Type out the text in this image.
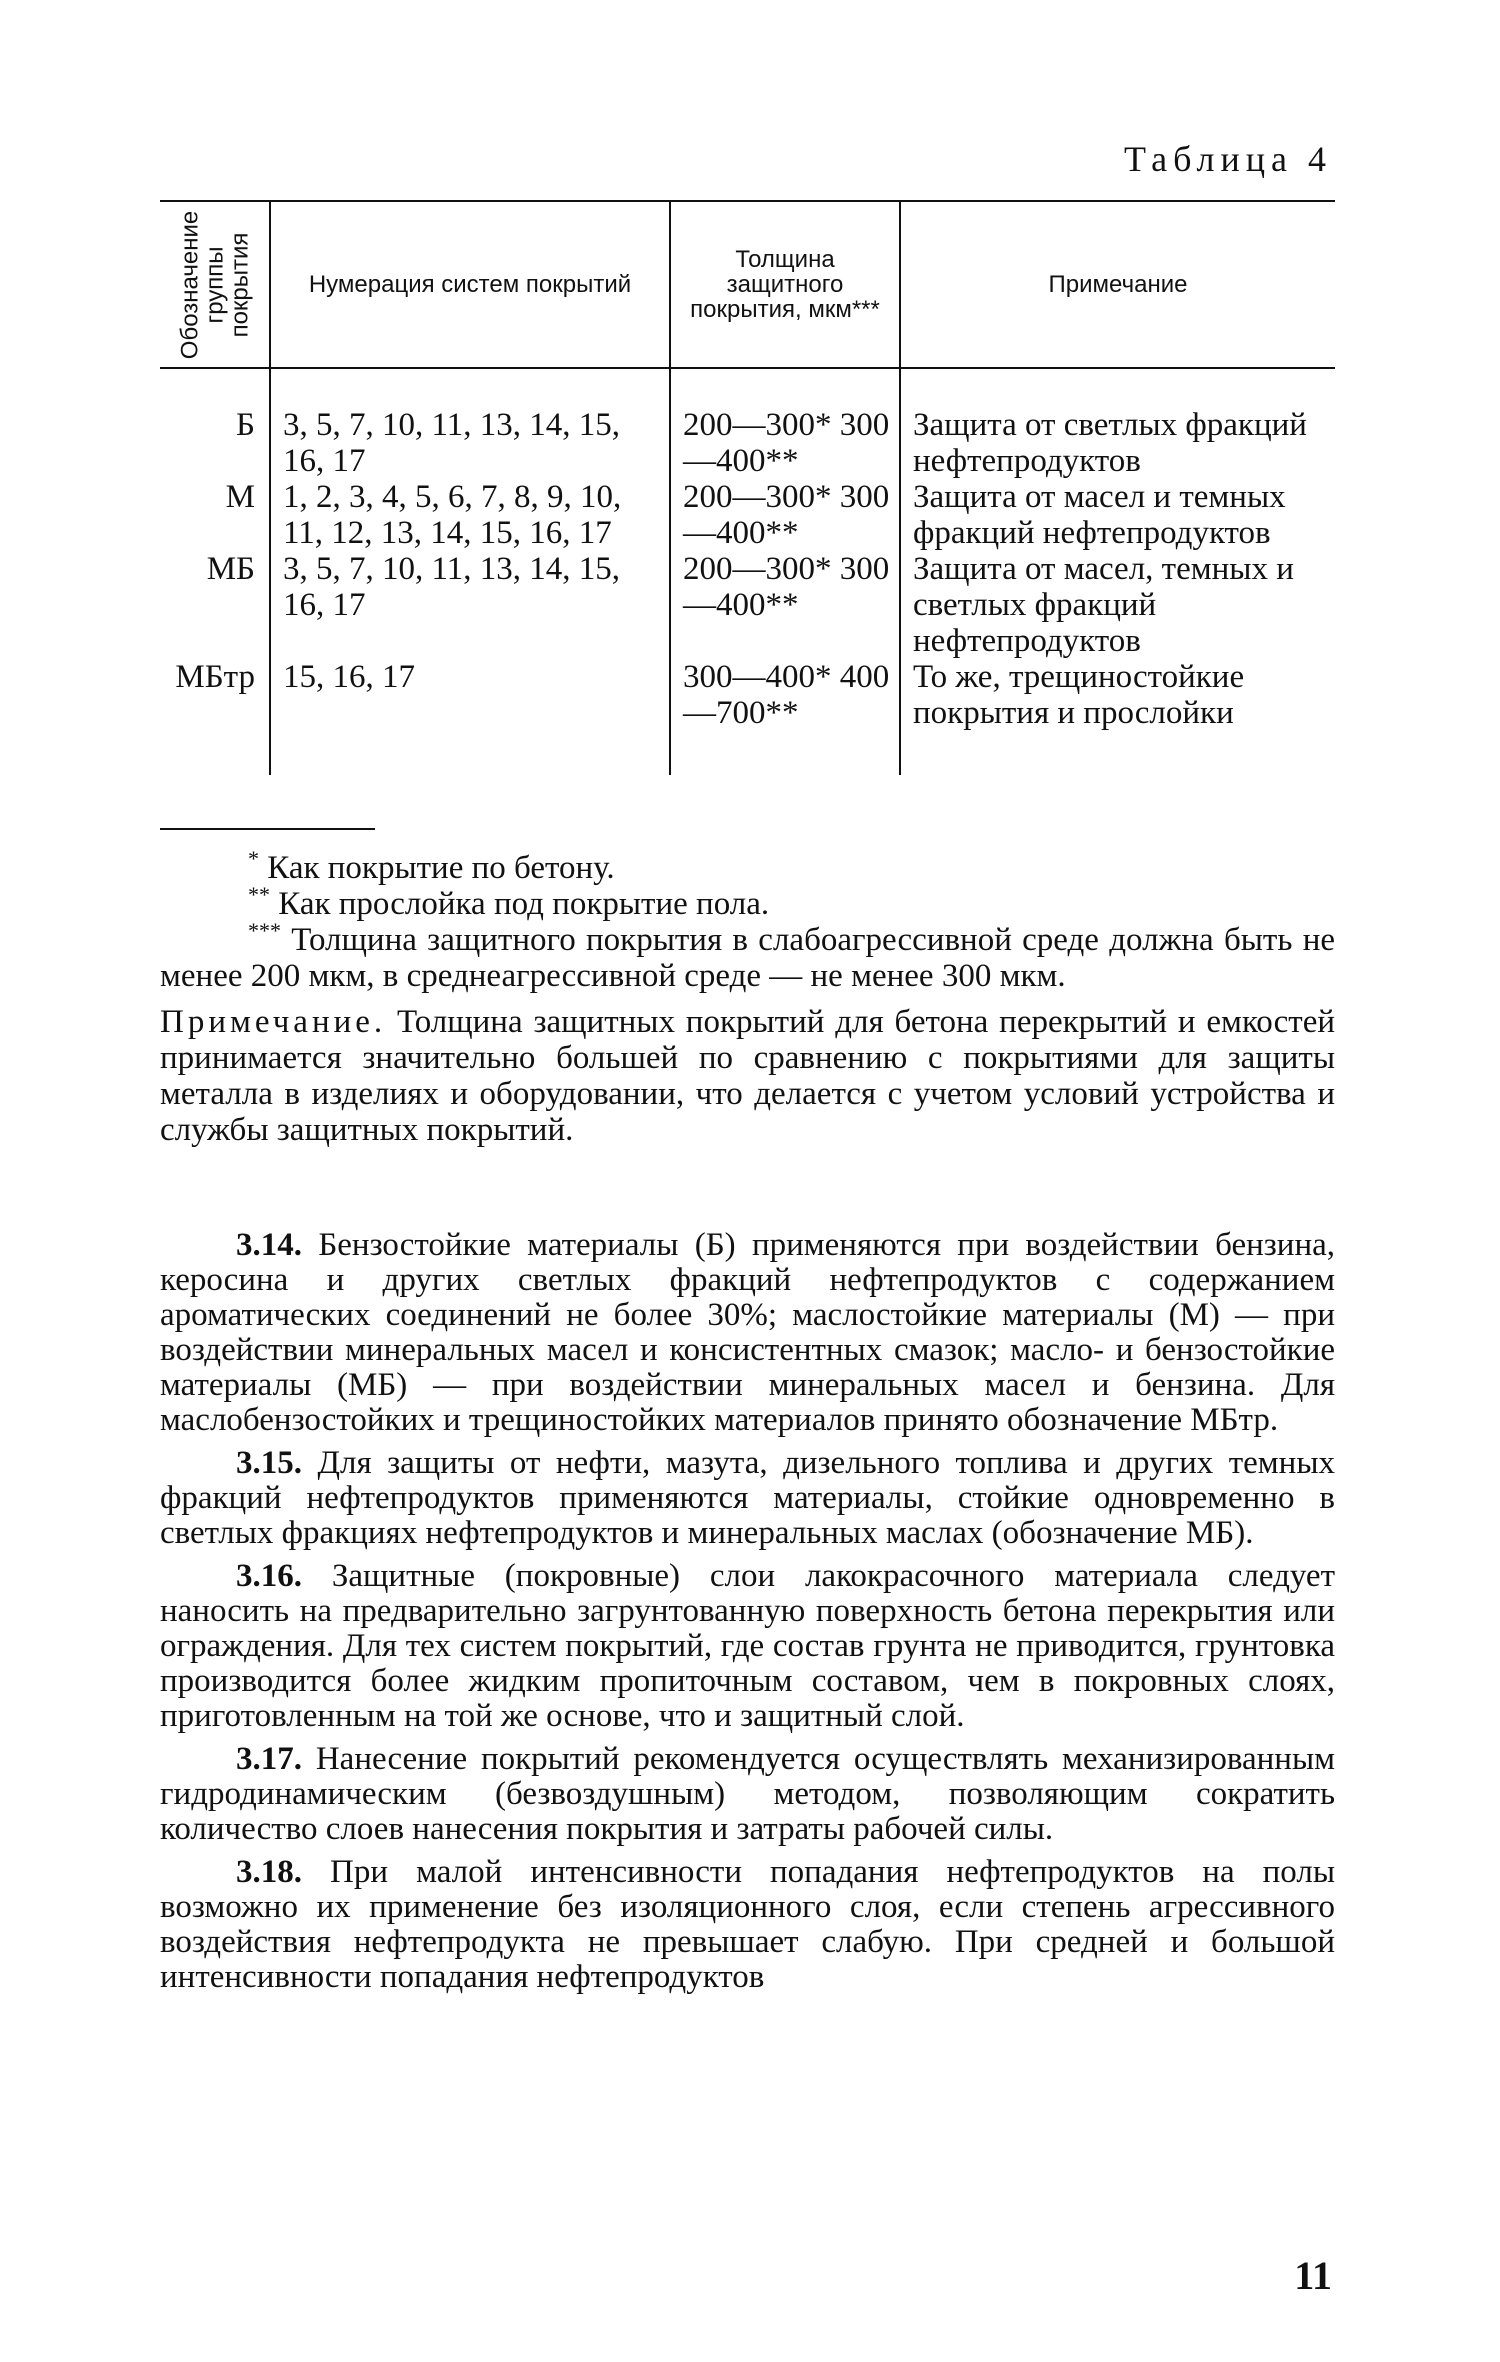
Таблица 4
Обозначение группы покрытия	Нумерация систем покрытий	Толщина защитного покрытия, мкм***	Примечание
Б	3, 5, 7, 10, 11, 13, 14, 15, 16, 17	200—300* 300—400**	Защита от светлых фракций нефтепродуктов
М	1, 2, 3, 4, 5, 6, 7, 8, 9, 10, 11, 12, 13, 14, 15, 16, 17	200—300* 300—400**	Защита от масел и темных фракций нефтепродуктов
МБ	3, 5, 7, 10, 11, 13, 14, 15, 16, 17	200—300* 300—400**	Защита от масел, темных и светлых фракций нефтепродуктов
МБтр	15, 16, 17	300—400* 400—700**	То же, трещиностойкие покрытия и прослойки

* Как покрытие по бетону.

** Как прослойка под покрытие пола.

*** Толщина защитного покрытия в слабоагрессивной среде должна быть не менее 200 мкм, в среднеагрессивной среде — не менее 300 мкм.

Примечание. Толщина защитных покрытий для бетона перекрытий и емкостей принимается значительно большей по сравнению с покрытиями для защиты металла в изделиях и оборудовании, что делается с учетом условий устройства и службы защитных покрытий.

3.14. Бензостойкие материалы (Б) применяются при воздействии бензина, керосина и других светлых фракций нефтепродуктов с содержанием ароматических соединений не более 30%; маслостойкие материалы (М) — при воздействии минеральных масел и консистентных смазок; масло- и бензостойкие материалы (МБ) — при воздействии минеральных масел и бензина. Для маслобензостойких и трещиностойких материалов принято обозначение МБтр.

3.15. Для защиты от нефти, мазута, дизельного топлива и других темных фракций нефтепродуктов применяются материалы, стойкие одновременно в светлых фракциях нефтепродуктов и минеральных маслах (обозначение МБ).

3.16. Защитные (покровные) слои лакокрасочного материала следует наносить на предварительно загрунтованную поверхность бетона перекрытия или ограждения. Для тех систем покрытий, где состав грунта не приводится, грунтовка производится более жидким пропиточным составом, чем в покровных слоях, приготовленным на той же основе, что и защитный слой.

3.17. Нанесение покрытий рекомендуется осуществлять механизированным гидродинамическим (безвоздушным) методом, позволяющим сократить количество слоев нанесения покрытия и затраты рабочей силы.

3.18. При малой интенсивности попадания нефтепродуктов на полы возможно их применение без изоляционного слоя, если степень агрессивного воздействия нефтепродукта не превышает слабую. При средней и большой интенсивности попадания нефтепродуктов

11
